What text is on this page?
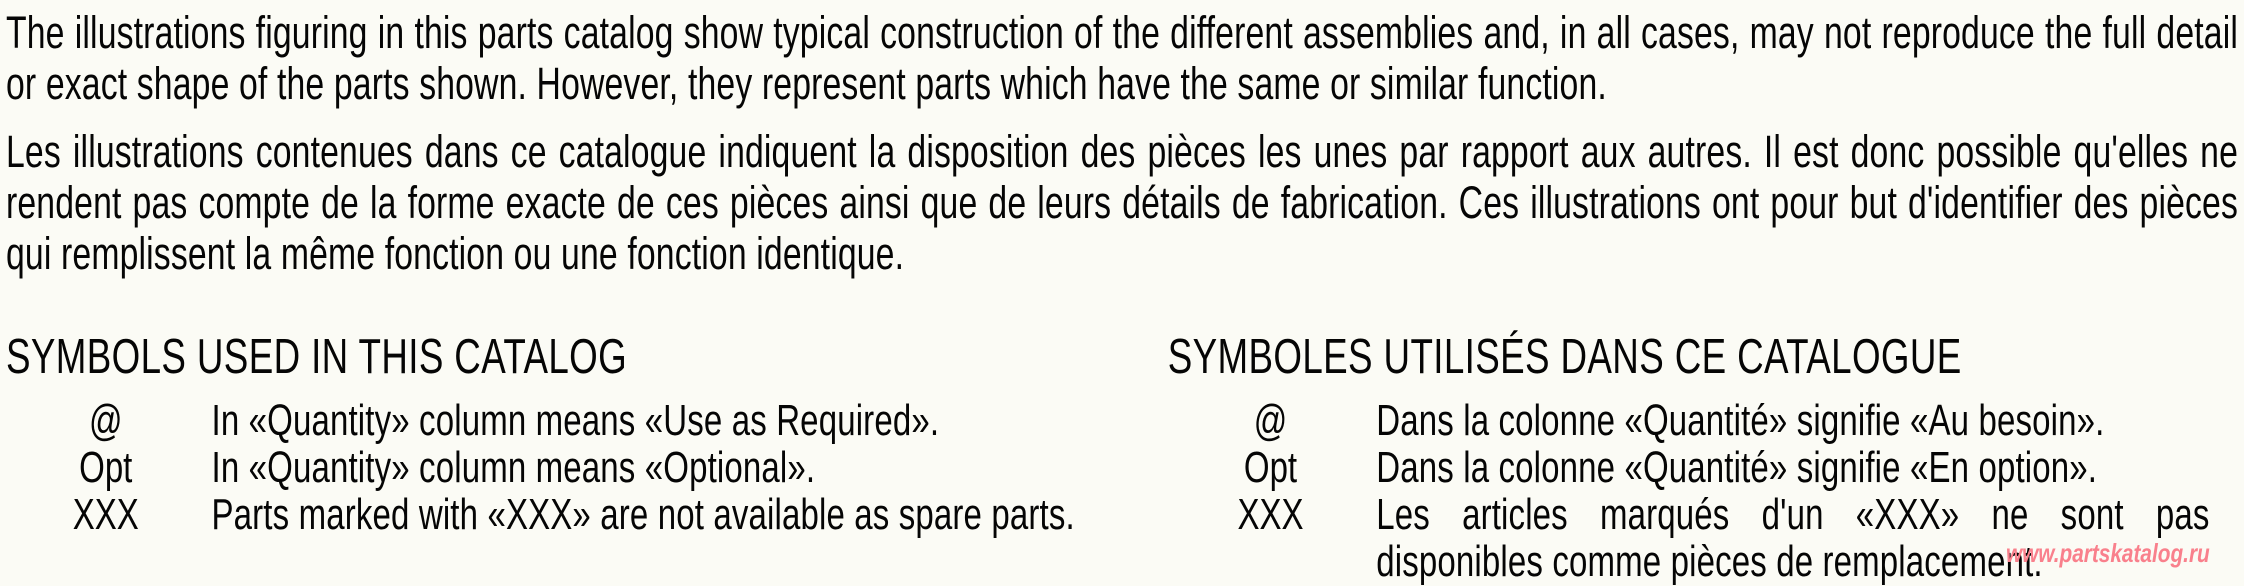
The illustrations figuring in this parts catalog show typical construction of the different assemblies and, in all cases, may not reproduce the full detail or exact shape of the parts shown. However, they represent parts which have the same or similar function.

Les illustrations contenues dans ce catalogue indiquent la disposition des pièces les unes par rapport aux autres. Il est donc possible qu'elles ne rendent pas compte de la forme exacte de ces pièces ainsi que de leurs détails de fabrication. Ces illustrations ont pour but d'identifier des pièces qui remplissent la même fonction ou une fonction identique.

SYMBOLS USED IN THIS CATALOG
@	In «Quantity» column means «Use as Required».
Opt	In «Quantity» column means «Optional».
XXX	Parts marked with «XXX» are not available as spare parts.
SYMBOLES UTILISÉS DANS CE CATALOGUE
@	Dans la colonne «Quantité» signifie «Au besoin».
Opt	Dans la colonne «Quantité» signifie «En option».
XXX	Les articles marqués d'un «XXX» ne sont pas disponibles comme pièces de remplacement.
www.partskatalog.ru
